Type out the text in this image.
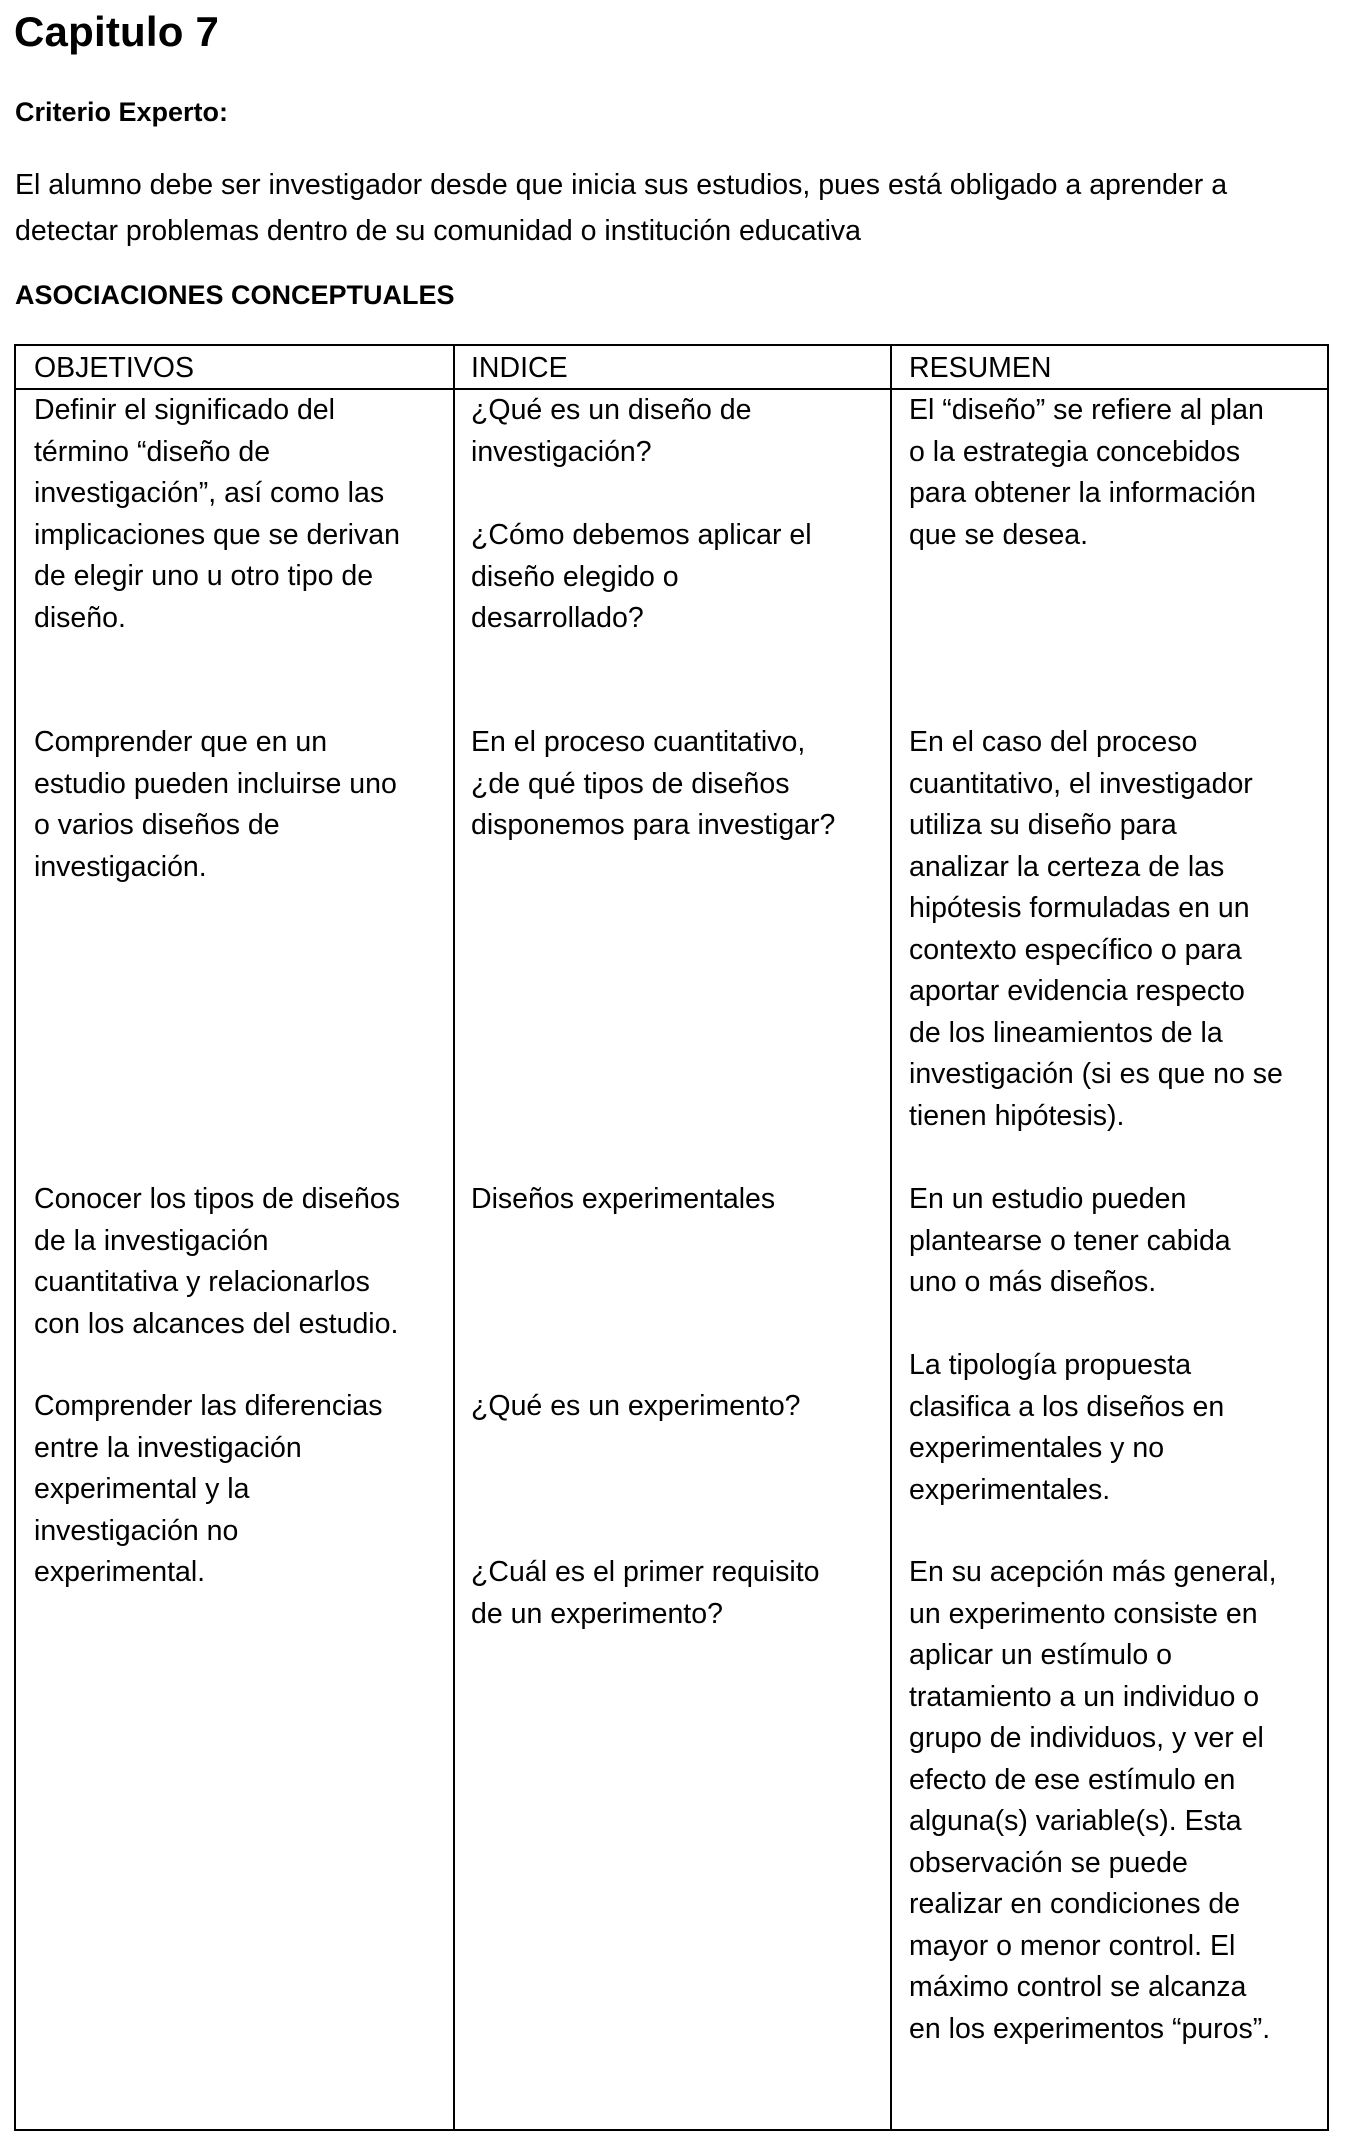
Capitulo 7
Criterio Experto:
El alumno debe ser investigador desde que inicia sus estudios, pues está obligado a aprender a
detectar problemas dentro de su comunidad o institución educativa
ASOCIACIONES CONCEPTUALES
OBJETIVOS	INDICE	RESUMEN
Definir el significado del
término “diseño de
investigación”, así como las
implicaciones que se derivan
de elegir uno u otro tipo de
diseño.
Comprender que en un
estudio pueden incluirse uno
o varios diseños de
investigación.
Conocer los tipos de diseños
de la investigación
cuantitativa y relacionarlos
con los alcances del estudio.
Comprender las diferencias
entre la investigación
experimental y la
investigación no
experimental.
¿Qué es un diseño de
investigación?
¿Cómo debemos aplicar el
diseño elegido o
desarrollado?
En el proceso cuantitativo,
¿de qué tipos de diseños
disponemos para investigar?
Diseños experimentales
¿Qué es un experimento?
¿Cuál es el primer requisito
de un experimento?
El “diseño” se refiere al plan
o la estrategia concebidos
para obtener la información
que se desea.
En el caso del proceso
cuantitativo, el investigador
utiliza su diseño para
analizar la certeza de las
hipótesis formuladas en un
contexto específico o para
aportar evidencia respecto
de los lineamientos de la
investigación (si es que no se
tienen hipótesis).
En un estudio pueden
plantearse o tener cabida
uno o más diseños.
La tipología propuesta
clasifica a los diseños en
experimentales y no
experimentales.
En su acepción más general,
un experimento consiste en
aplicar un estímulo o
tratamiento a un individuo o
grupo de individuos, y ver el
efecto de ese estímulo en
alguna(s) variable(s). Esta
observación se puede
realizar en condiciones de
mayor o menor control. El
máximo control se alcanza
en los experimentos “puros”.
